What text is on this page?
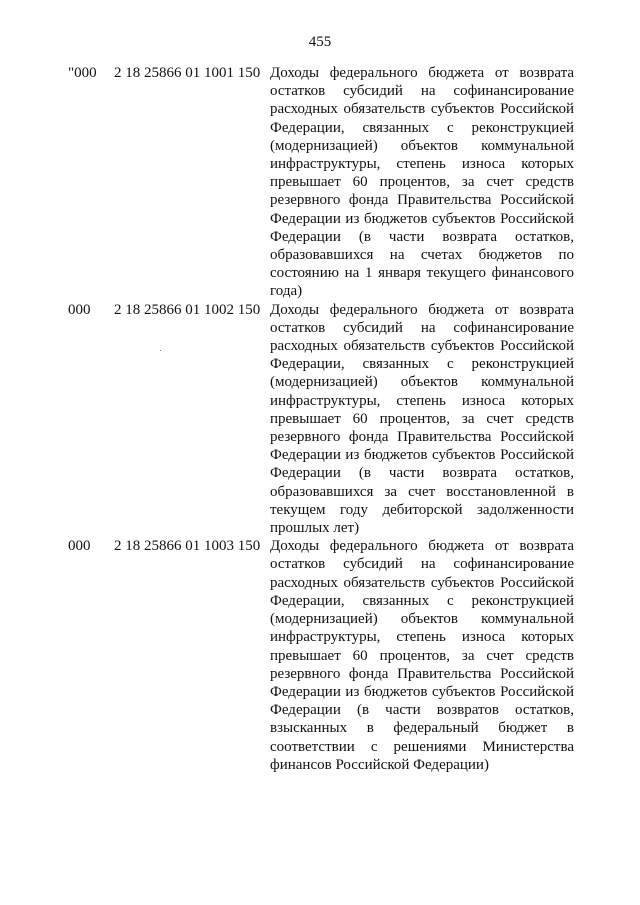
455
"000	2 18 25866 01 1001 150 Доходы федерального бюджета от возврата остатков субсидий на софинансирование расходных обязательств субъектов Российской Федерации, связанных с реконструкцией (модернизацией) объектов коммунальной инфраструктуры, степень износа которых превышает 60 процентов, за счет средств резервного фонда Правительства Российской Федерации из бюджетов субъектов Российской Федерации (в части возврата остатков, образовавшихся на счетах бюджетов по состоянию на 1 января текущего финансового года)
000	2 18 25866 01 1002 150 Доходы федерального бюджета от возврата остатков субсидий на софинансирование расходных обязательств субъектов Российской Федерации, связанных с реконструкцией (модернизацией) объектов коммунальной инфраструктуры, степень износа которых превышает 60 процентов, за счет средств резервного фонда Правительства Российской Федерации из бюджетов субъектов Российской Федерации (в части возврата остатков, образовавшихся за счет восстановленной в текущем году дебиторской задолженности прошлых лет)
000	2 18 25866 01 1003 150 Доходы федерального бюджета от возврата остатков субсидий на софинансирование расходных обязательств субъектов Российской Федерации, связанных с реконструкцией (модернизацией) объектов коммунальной инфраструктуры, степень износа которых превышает 60 процентов, за счет средств резервного фонда Правительства Российской Федерации из бюджетов субъектов Российской Федерации (в части возвратов остатков, взысканных в федеральный бюджет в соответствии с решениями Министерства финансов Российской Федерации)
